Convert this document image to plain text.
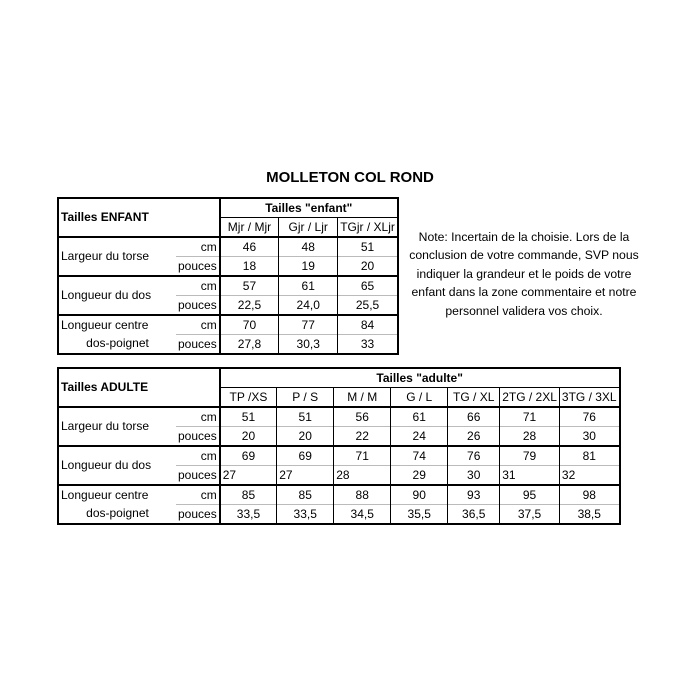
MOLLETON COL ROND
Tailles ENFANT		Tailles "enfant"		
		Mjr / Mjr	Gjr / Ljr	TGjr / XLjr
Largeur du torse	cm	46	48	51
	pouces	18	19	20
Longueur du dos	cm	57	61	65
	pouces	22,5	24,0	25,5
Longueur centre	cm	70	77	84
dos-poignet	pouces	27,8	30,3	33
Note: Incertain de la choisie. Lors de la conclusion de votre commande, SVP nous indiquer la grandeur et le poids de votre enfant dans la zone commentaire et notre personnel validera vos choix.
Tailles ADULTE		Tailles "adulte"						
		TP /XS	P / S	M / M	G / L	TG / XL	2TG / 2XL	3TG / 3XL
Largeur du torse	cm	51	51	56	61	66	71	76
	pouces	20	20	22	24	26	28	30
Longueur du dos	cm	69	69	71	74	76	79	81
	pouces	27	27	28	29	30	31	32
Longueur centre	cm	85	85	88	90	93	95	98
dos-poignet	pouces	33,5	33,5	34,5	35,5	36,5	37,5	38,5
